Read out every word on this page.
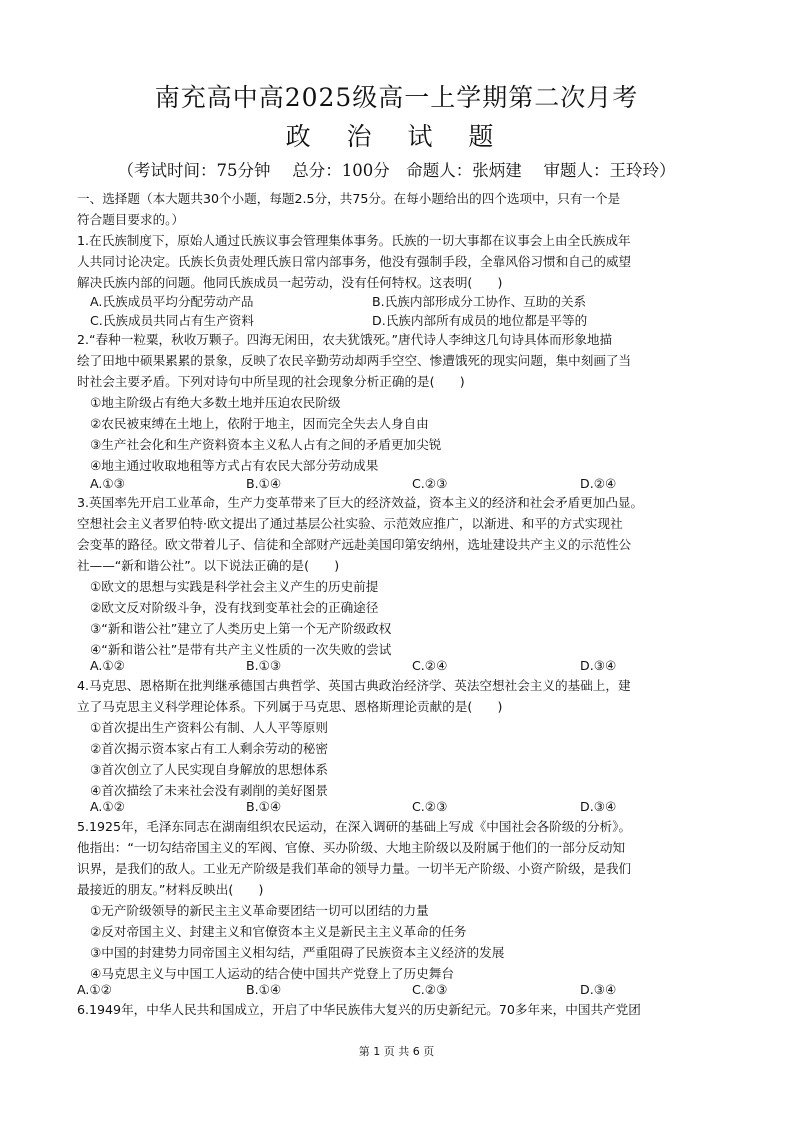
南充高中高2025级高一上学期第二次月考
政 治 试 题
（考试时间：75分钟　 总分：100分　命题人：张炳建　 审题人：王玲玲）
一、选择题（本大题共30个小题，每题2.5分，共75分。在每小题给出的四个选项中，只有一个是
符合题目要求的。）
1.在氏族制度下，原始人通过氏族议事会管理集体事务。氏族的一切大事都在议事会上由全氏族成年
人共同讨论决定。氏族长负责处理氏族日常内部事务，他没有强制手段，全靠风俗习惯和自己的威望
解决氏族内部的问题。他同氏族成员一起劳动，没有任何特权。这表明(　　)
A.氏族成员平均分配劳动产品	B.氏族内部形成分工协作、互助的关系
C.氏族成员共同占有生产资料	D.氏族内部所有成员的地位都是平等的
2.“春种一粒粟，秋收万颗子。四海无闲田，农夫犹饿死。”唐代诗人李绅这几句诗具体而形象地描
绘了田地中硕果累累的景象，反映了农民辛勤劳动却两手空空、惨遭饿死的现实问题，集中刻画了当
时社会主要矛盾。下列对诗句中所呈现的社会现象分析正确的是(　　)
①地主阶级占有绝大多数土地并压迫农民阶级
②农民被束缚在土地上，依附于地主，因而完全失去人身自由
③生产社会化和生产资料资本主义私人占有之间的矛盾更加尖锐
④地主通过收取地租等方式占有农民大部分劳动成果
A.①③	B.①④	C.②③	D.②④
3.英国率先开启工业革命，生产力变革带来了巨大的经济效益，资本主义的经济和社会矛盾更加凸显。
空想社会主义者罗伯特·欧文提出了通过基层公社实验、示范效应推广，以渐进、和平的方式实现社
会变革的路径。欧文带着儿子、信徒和全部财产远赴美国印第安纳州，选址建设共产主义的示范性公
社——“新和谐公社”。以下说法正确的是(　　)
①欧文的思想与实践是科学社会主义产生的历史前提
②欧文反对阶级斗争，没有找到变革社会的正确途径
③“新和谐公社”建立了人类历史上第一个无产阶级政权
④“新和谐公社”是带有共产主义性质的一次失败的尝试
A.①②	B.①③	C.②④	D.③④
4.马克思、恩格斯在批判继承德国古典哲学、英国古典政治经济学、英法空想社会主义的基础上，建
立了马克思主义科学理论体系。下列属于马克思、恩格斯理论贡献的是(　　)
①首次提出生产资料公有制、人人平等原则
②首次揭示资本家占有工人剩余劳动的秘密
③首次创立了人民实现自身解放的思想体系
④首次描绘了未来社会没有剥削的美好图景
A.①②	B.①④	C.②③	D.③④
5.1925年，毛泽东同志在湖南组织农民运动，在深入调研的基础上写成《中国社会各阶级的分析》。
他指出：“一切勾结帝国主义的军阀、官僚、买办阶级、大地主阶级以及附属于他们的一部分反动知
识界，是我们的敌人。工业无产阶级是我们革命的领导力量。一切半无产阶级、小资产阶级，是我们
最接近的朋友。”材料反映出(　　)
①无产阶级领导的新民主主义革命要团结一切可以团结的力量
②反对帝国主义、封建主义和官僚资本主义是新民主主义革命的任务
③中国的封建势力同帝国主义相勾结，严重阻碍了民族资本主义经济的发展
④马克思主义与中国工人运动的结合使中国共产党登上了历史舞台
A.①②	B.①④	C.②③	D.③④
6.1949年，中华人民共和国成立，开启了中华民族伟大复兴的历史新纪元。70多年来，中国共产党团
第 1 页 共 6 页
